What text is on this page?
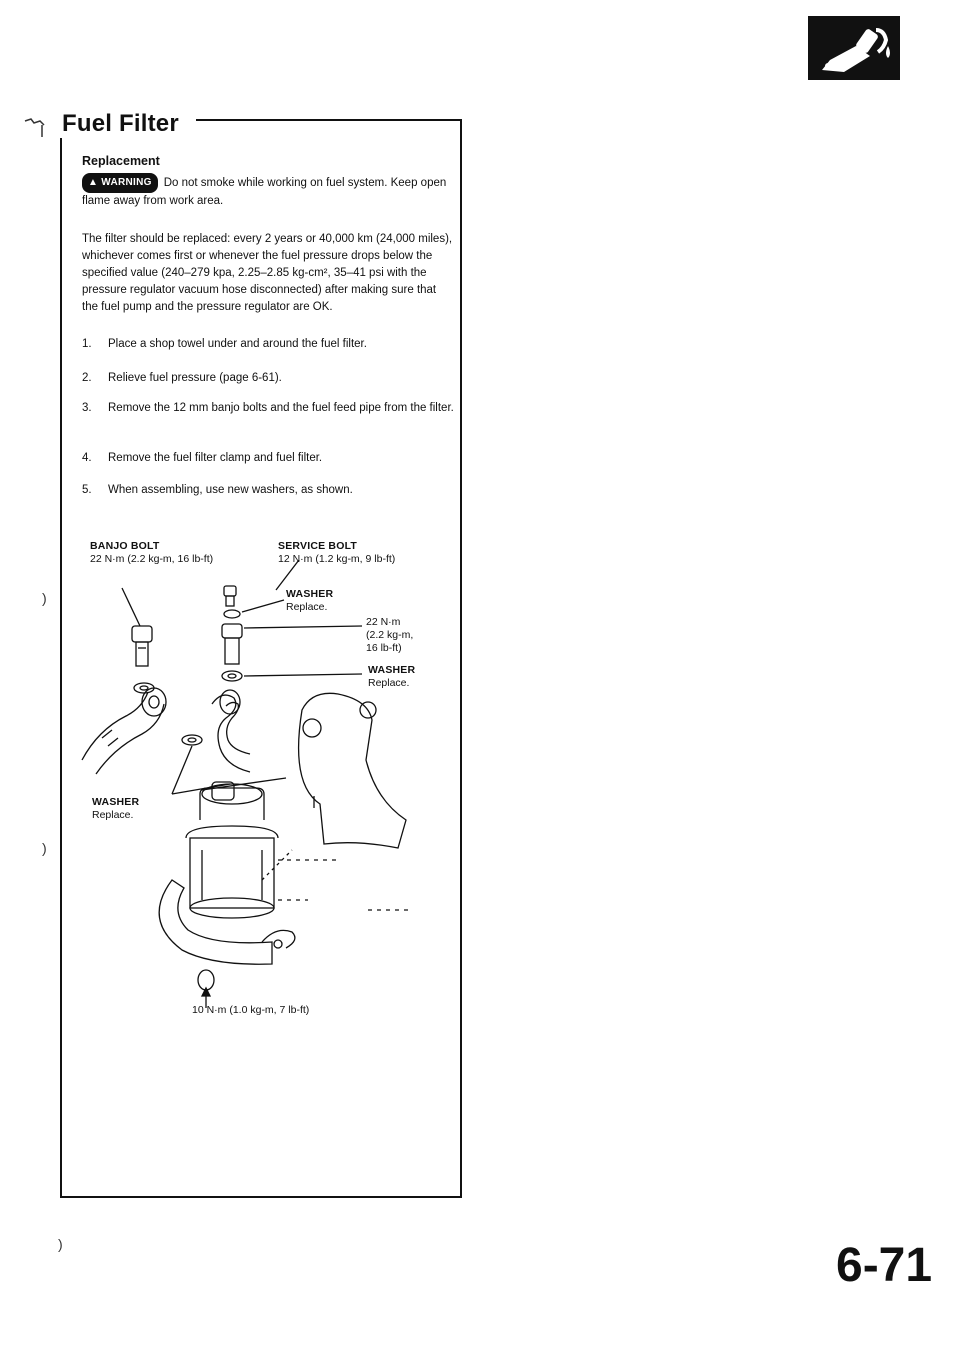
Fuel Filter
)
)
)
Replacement
▲ WARNING Do not smoke while working on fuel system. Keep open flame away from work area.
The filter should be replaced: every 2 years or 40,000 km (24,000 miles), whichever comes first or whenever the fuel pressure drops below the specified value (240–279 kpa, 2.25–2.85 kg-cm², 35–41 psi with the pressure regulator vacuum hose disconnected) after making sure that the fuel pump and the pressure regulator are OK.
1.	Place a shop towel under and around the fuel filter.
2.	Relieve fuel pressure (page 6-61).
3.	Remove the 12 mm banjo bolts and the fuel feed pipe from the filter.
4.	Remove the fuel filter clamp and fuel filter.
5.	When assembling, use new washers, as shown.
BANJO BOLT
22 N·m (2.2 kg-m, 16 lb-ft)
SERVICE BOLT
12 N·m (1.2 kg-m, 9 lb-ft)
WASHER
Replace.
22 N·m
(2.2 kg-m,
16 lb-ft)
WASHER
Replace.
WASHER
Replace.
10 N·m (1.0 kg-m, 7 lb-ft)
6-71
